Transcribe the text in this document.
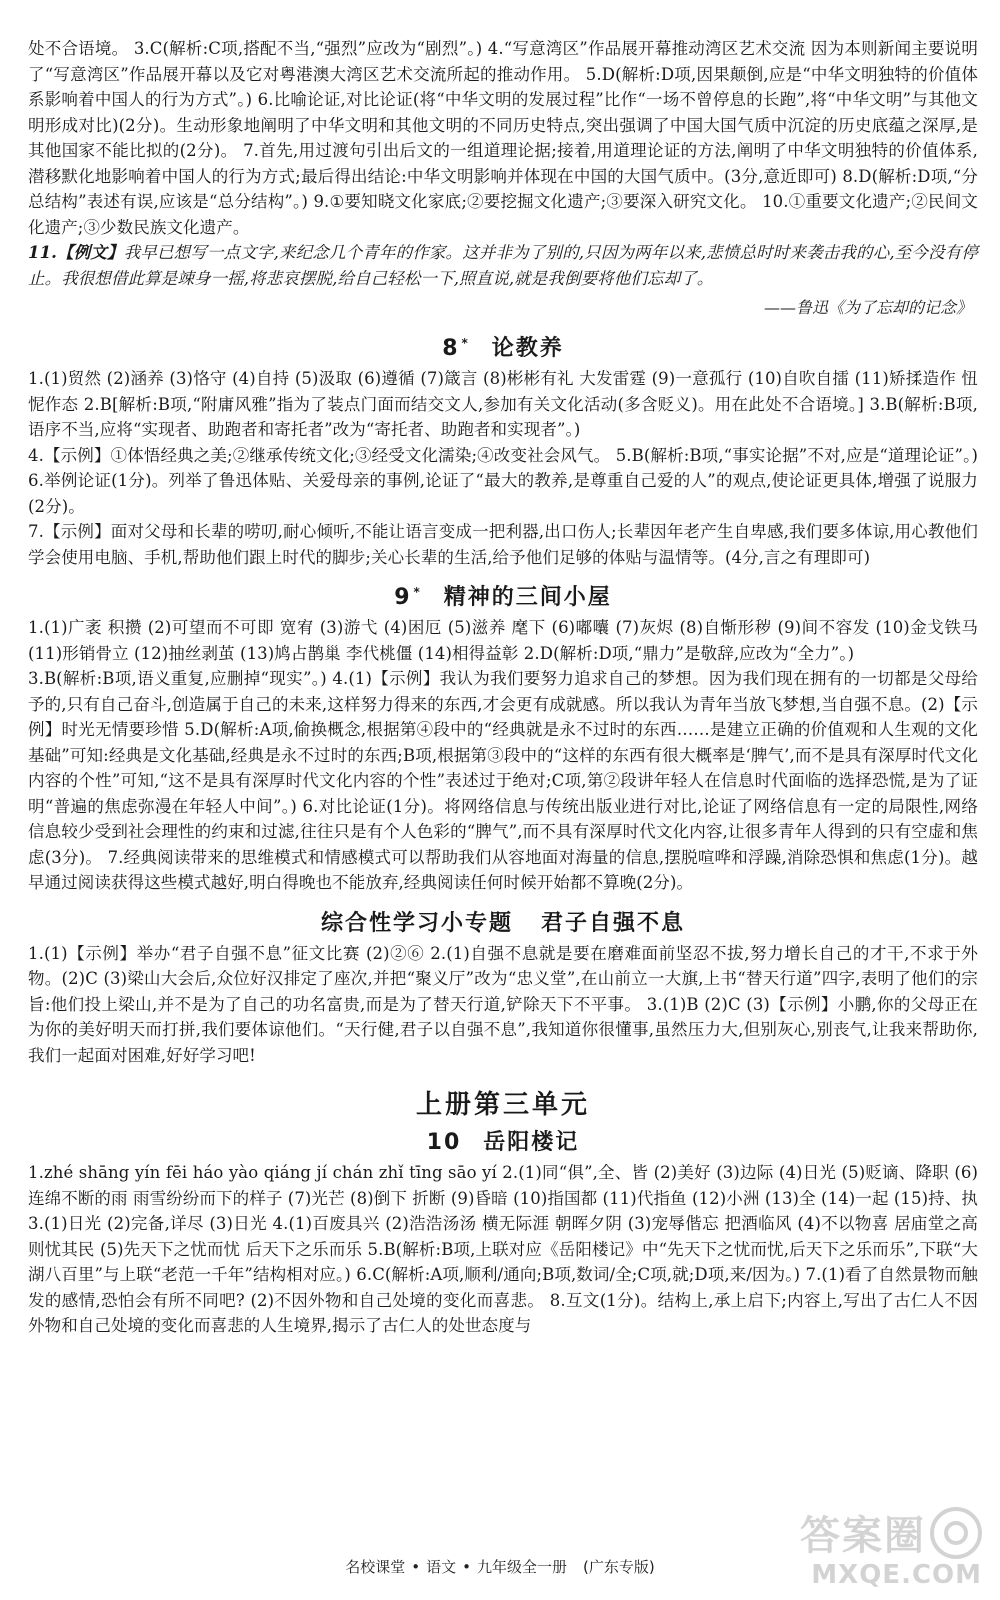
处不合语境。 3.C(解析:C项,搭配不当,“强烈”应改为“剧烈”。) 4.“写意湾区”作品展开幕推动湾区艺术交流 因为本则新闻主要说明了“写意湾区”作品展开幕以及它对粤港澳大湾区艺术交流所起的推动作用。 5.D(解析:D项,因果颠倒,应是“中华文明独特的价值体系影响着中国人的行为方式”。) 6.比喻论证,对比论证(将“中华文明的发展过程”比作“一场不曾停息的长跑”,将“中华文明”与其他文明形成对比)(2分)。生动形象地阐明了中华文明和其他文明的不同历史特点,突出强调了中国大国气质中沉淀的历史底蕴之深厚,是其他国家不能比拟的(2分)。 7.首先,用过渡句引出后文的一组道理论据;接着,用道理论证的方法,阐明了中华文明独特的价值体系,潜移默化地影响着中国人的行为方式;最后得出结论:中华文明影响并体现在中国的大国气质中。(3分,意近即可) 8.D(解析:D项,“分总结构”表述有误,应该是“总分结构”。) 9.①要知晓文化家底;②要挖掘文化遗产;③要深入研究文化。 10.①重要文化遗产;②民间文化遗产;③少数民族文化遗产。

11.【例文】我早已想写一点文字,来纪念几个青年的作家。这并非为了别的,只因为两年以来,悲愤总时时来袭击我的心,至今没有停止。我很想借此算是竦身一摇,将悲哀摆脱,给自己轻松一下,照直说,就是我倒要将他们忘却了。

——鲁迅《为了忘却的记念》

8 * 论教养

1.(1)贸然 (2)涵养 (3)恪守 (4)自持 (5)汲取 (6)遵循 (7)箴言 (8)彬彬有礼 大发雷霆 (9)一意孤行 (10)自吹自擂 (11)矫揉造作 忸怩作态 2.B[解析:B项,“附庸风雅”指为了装点门面而结交文人,参加有关文化活动(多含贬义)。用在此处不合语境。] 3.B(解析:B项,语序不当,应将“实现者、助跑者和寄托者”改为“寄托者、助跑者和实现者”。)

4.【示例】①体悟经典之美;②继承传统文化;③经受文化濡染;④改变社会风气。 5.B(解析:B项,“事实论据”不对,应是“道理论证”。) 6.举例论证(1分)。列举了鲁迅体贴、关爱母亲的事例,论证了“最大的教养,是尊重自己爱的人”的观点,使论证更具体,增强了说服力(2分)。

7.【示例】面对父母和长辈的唠叨,耐心倾听,不能让语言变成一把利器,出口伤人;长辈因年老产生自卑感,我们要多体谅,用心教他们学会使用电脑、手机,帮助他们跟上时代的脚步;关心长辈的生活,给予他们足够的体贴与温情等。(4分,言之有理即可)

9 * 精神的三间小屋

1.(1)广袤 积攒 (2)可望而不可即 宽宥 (3)游弋 (4)困厄 (5)滋养 麾下 (6)嘟囔 (7)灰烬 (8)自惭形秽 (9)间不容发 (10)金戈铁马 (11)形销骨立 (12)抽丝剥茧 (13)鸠占鹊巢 李代桃僵 (14)相得益彰 2.D(解析:D项,“鼎力”是敬辞,应改为“全力”。)

3.B(解析:B项,语义重复,应删掉“现实”。) 4.(1)【示例】我认为我们要努力追求自己的梦想。因为我们现在拥有的一切都是父母给予的,只有自己奋斗,创造属于自己的未来,这样努力得来的东西,才会更有成就感。所以我认为青年当放飞梦想,当自强不息。(2)【示例】时光无情要珍惜 5.D(解析:A项,偷换概念,根据第④段中的“经典就是永不过时的东西……是建立正确的价值观和人生观的文化基础”可知:经典是文化基础,经典是永不过时的东西;B项,根据第③段中的“这样的东西有很大概率是‘脾气’,而不是具有深厚时代文化内容的个性”可知,“这不是具有深厚时代文化内容的个性”表述过于绝对;C项,第②段讲年轻人在信息时代面临的选择恐慌,是为了证明“普遍的焦虑弥漫在年轻人中间”。) 6.对比论证(1分)。将网络信息与传统出版业进行对比,论证了网络信息有一定的局限性,网络信息较少受到社会理性的约束和过滤,往往只是有个人色彩的“脾气”,而不具有深厚时代文化内容,让很多青年人得到的只有空虚和焦虑(3分)。 7.经典阅读带来的思维模式和情感模式可以帮助我们从容地面对海量的信息,摆脱喧哗和浮躁,消除恐惧和焦虑(1分)。越早通过阅读获得这些模式越好,明白得晚也不能放弃,经典阅读任何时候开始都不算晚(2分)。

综合性学习小专题 君子自强不息

1.(1)【示例】举办“君子自强不息”征文比赛 (2)②⑥ 2.(1)自强不息就是要在磨难面前坚忍不拔,努力增长自己的才干,不求于外物。(2)C (3)梁山大会后,众位好汉排定了座次,并把“聚义厅”改为“忠义堂”,在山前立一大旗,上书“替天行道”四字,表明了他们的宗旨:他们投上梁山,并不是为了自己的功名富贵,而是为了替天行道,铲除天下不平事。 3.(1)B (2)C (3)【示例】小鹏,你的父母正在为你的美好明天而打拼,我们要体谅他们。“天行健,君子以自强不息”,我知道你很懂事,虽然压力大,但别灰心,别丧气,让我来帮助你,我们一起面对困难,好好学习吧!

上册第三单元
10 岳阳楼记

1.zhé shāng yín fēi háo yào qiáng jí chán zhǐ tīng sāo yí 2.(1)同“俱”,全、皆 (2)美好 (3)边际 (4)日光 (5)贬谪、降职 (6)连绵不断的雨 雨雪纷纷而下的样子 (7)光芒 (8)倒下 折断 (9)昏暗 (10)指国都 (11)代指鱼 (12)小洲 (13)全 (14)一起 (15)持、执 3.(1)日光 (2)完备,详尽 (3)日光 4.(1)百废具兴 (2)浩浩汤汤 横无际涯 朝晖夕阴 (3)宠辱偕忘 把酒临风 (4)不以物喜 居庙堂之高则忧其民 (5)先天下之忧而忧 后天下之乐而乐 5.B(解析:B项,上联对应《岳阳楼记》中“先天下之忧而忧,后天下之乐而乐”,下联“大湖八百里”与上联“老范一千年”结构相对应。) 6.C(解析:A项,顺利/通向;B项,数词/全;C项,就;D项,来/因为。) 7.(1)看了自然景物而触发的感情,恐怕会有所不同吧? (2)不因外物和自己处境的变化而喜悲。 8.互文(1分)。结构上,承上启下;内容上,写出了古仁人不因外物和自己处境的变化而喜悲的人生境界,揭示了古仁人的处世态度与

名校课堂 • 语文 • 九年级全一册 (广东专版)
答案圈
MXQE.COM
